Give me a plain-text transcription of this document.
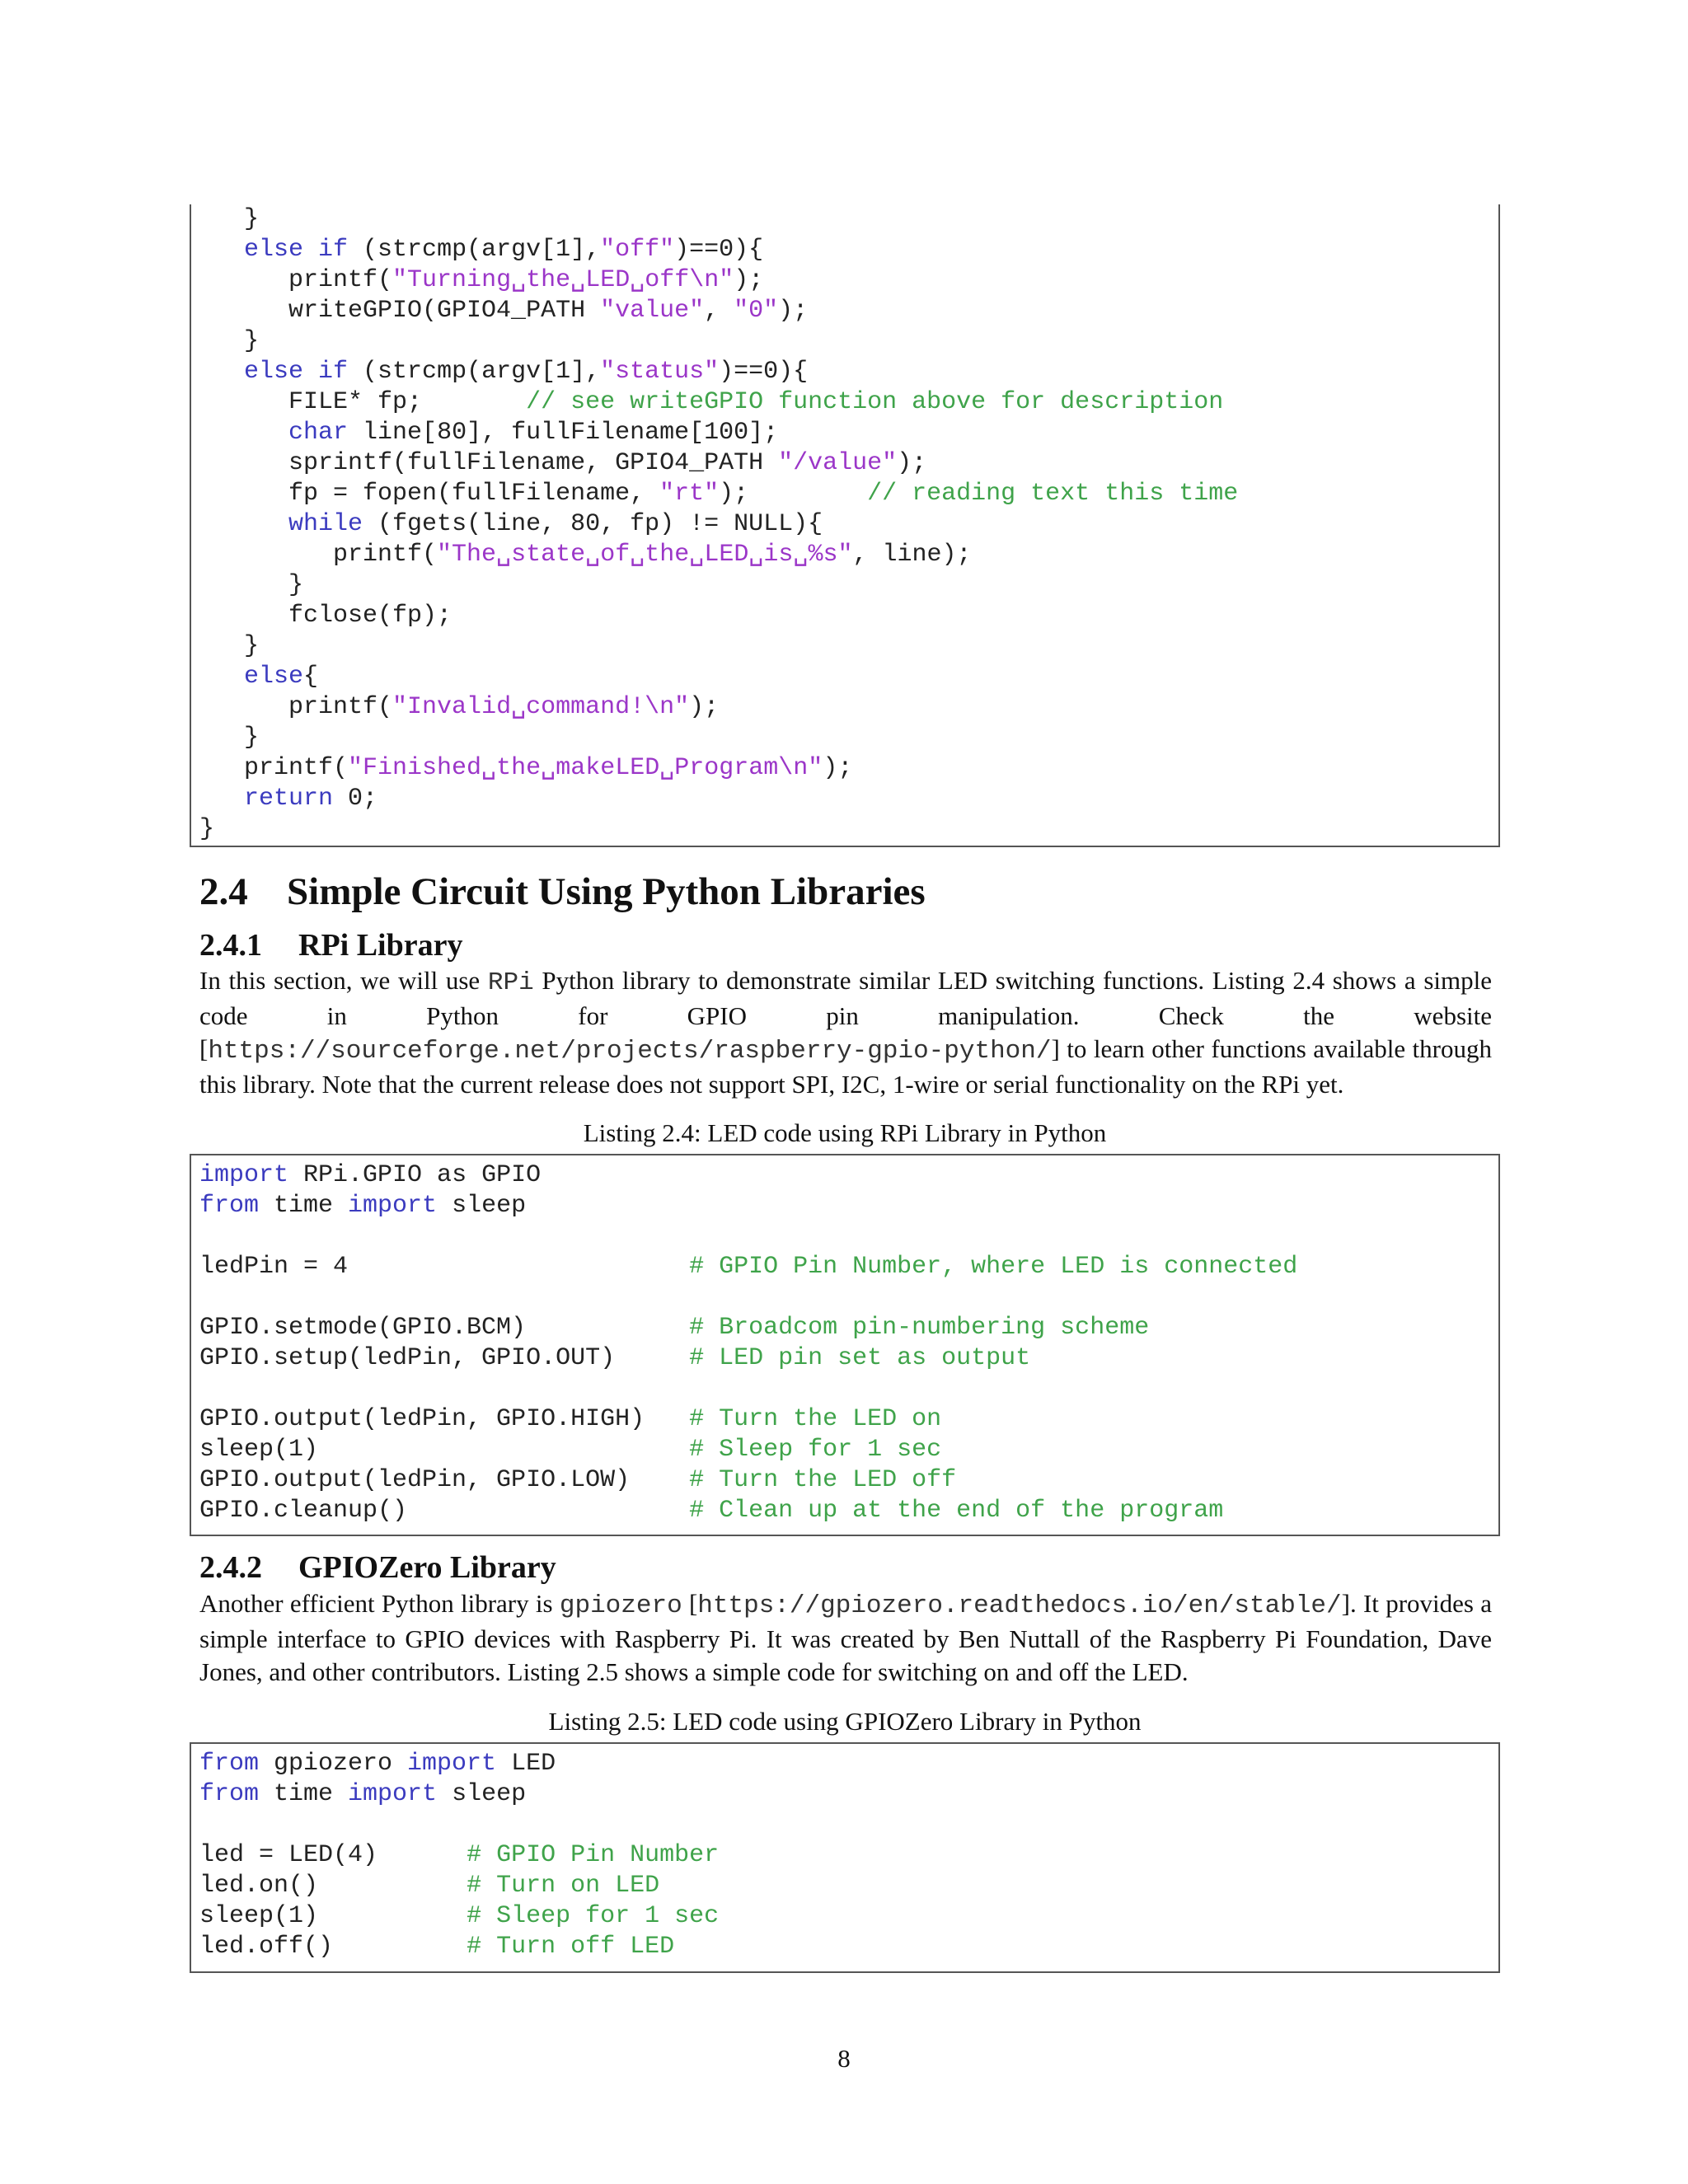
}
else if (strcmp(argv[1],"off")==0){
printf("Turning␣the␣LED␣off\n");
writeGPIO(GPIO4_PATH "value", "0");
}
else if (strcmp(argv[1],"status")==0){
FILE* fp;       // see writeGPIO function above for description
char line[80], fullFilename[100];
sprintf(fullFilename, GPIO4_PATH "/value");
fp = fopen(fullFilename, "rt");        // reading text this time
while (fgets(line, 80, fp) != NULL){
printf("The␣state␣of␣the␣LED␣is␣%s", line);
}
fclose(fp);
}
else{
printf("Invalid␣command!\n");
}
printf("Finished␣the␣makeLED␣Program\n");
return 0;
}
2.4 Simple Circuit Using Python Libraries
2.4.1 RPi Library

In this section, we will use RPi Python library to demonstrate similar LED switching functions. Listing 2.4 shows a simple code in Python for GPIO pin manipulation. Check the website [https://sourceforge.net/projects/raspberry-gpio-python/] to learn other functions available through this library. Note that the current release does not support SPI, I2C, 1-wire or serial functionality on the RPi yet.

Listing 2.4: LED code using RPi Library in Python

import RPi.GPIO as GPIO
from time import sleep

ledPin = 4                       # GPIO Pin Number, where LED is connected

GPIO.setmode(GPIO.BCM)           # Broadcom pin-numbering scheme
GPIO.setup(ledPin, GPIO.OUT)     # LED pin set as output

GPIO.output(ledPin, GPIO.HIGH)   # Turn the LED on
sleep(1)                         # Sleep for 1 sec
GPIO.output(ledPin, GPIO.LOW)    # Turn the LED off
GPIO.cleanup()                   # Clean up at the end of the program
2.4.2 GPIOZero Library

Another efficient Python library is gpiozero [https://gpiozero.readthedocs.io/en/stable/]. It provides a simple interface to GPIO devices with Raspberry Pi. It was created by Ben Nuttall of the Raspberry Pi Foundation, Dave Jones, and other contributors. Listing 2.5 shows a simple code for switching on and off the LED.

Listing 2.5: LED code using GPIOZero Library in Python

from gpiozero import LED
from time import sleep

led = LED(4)      # GPIO Pin Number
led.on()          # Turn on LED
sleep(1)          # Sleep for 1 sec
led.off()         # Turn off LED
8
